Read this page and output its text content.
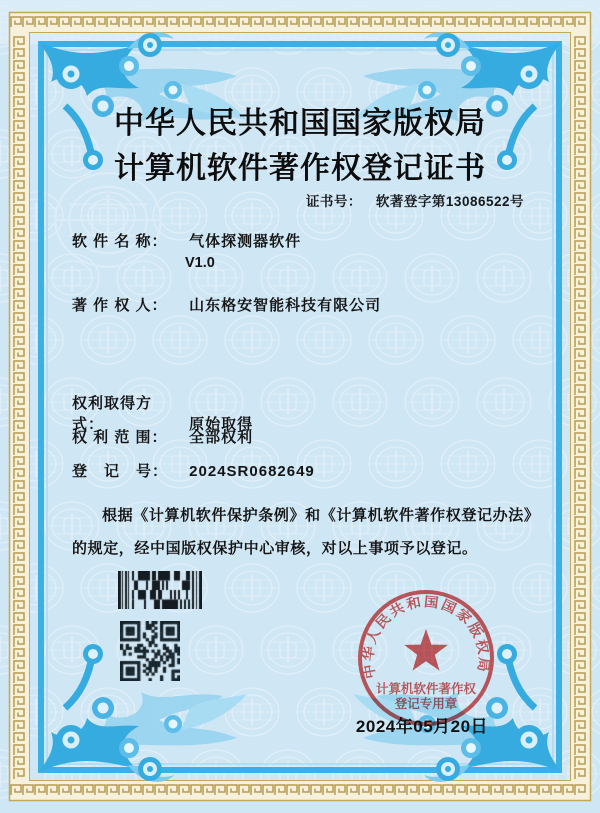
中华人民共和国国家版权局
计算机软件著作权登记证书
证书号： 软著登字第13086522号
软 件 名 称： 气体探测器软件
V1.0
著 作 权 人： 山东格安智能科技有限公司
权利取得方式：	原始取得
权 利 范 围： 全部权利
登　记　号： 2024SR0682649

根据《计算机软件保护条例》和《计算机软件著作权登记办法》的规定，经中国版权保护中心审核，对以上事项予以登记。

中华人民共和国国家版权局
计算机软件著作权
登记专用章
2024年05月20日
